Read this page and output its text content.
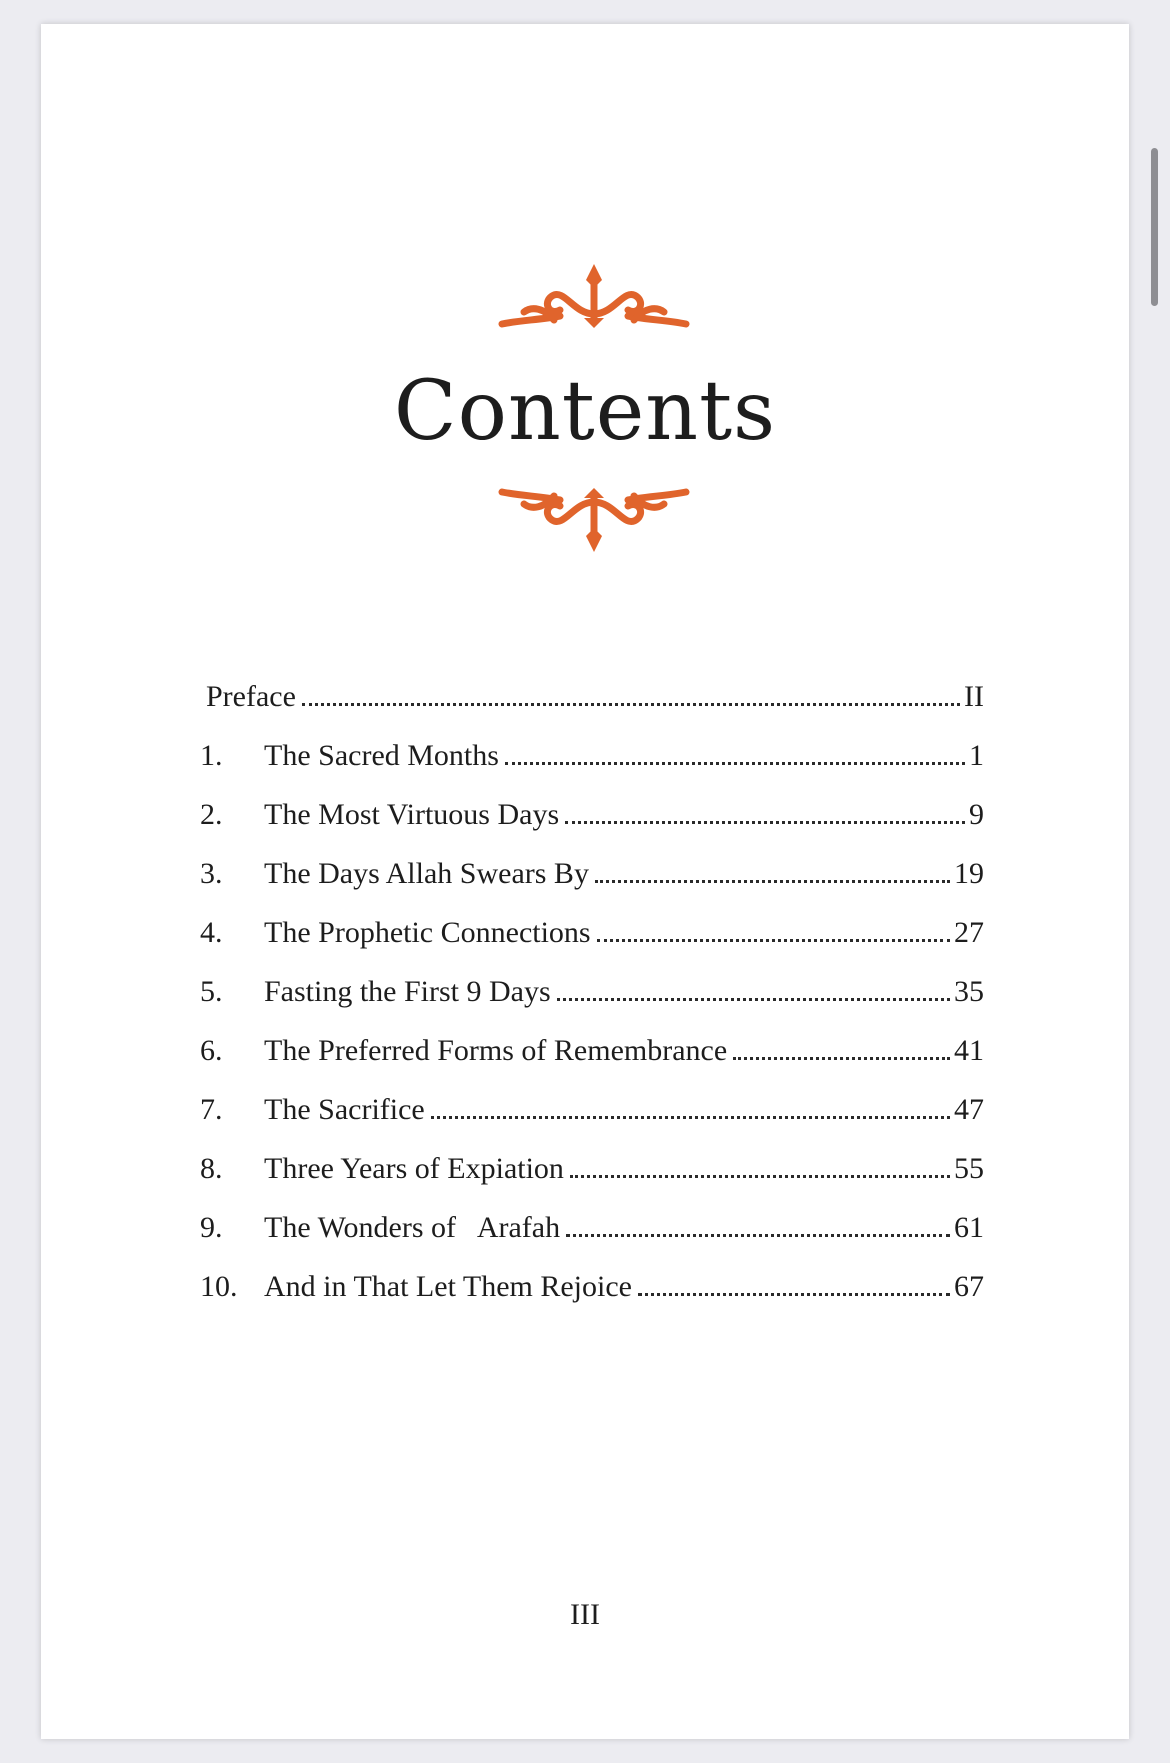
Contents
Preface	II
1.	The Sacred Months	1
2.	The Most Virtuous Days	9
3.	The Days Allah Swears By	19
4.	The Prophetic Connections	27
5.	Fasting the First 9 Days	35
6.	The Preferred Forms of Remembrance	41
7.	The Sacrifice	47
8.	Three Years of Expiation	55
9.	The Wonders of   Arafah	61
10. And in That Let Them Rejoice	67
III
